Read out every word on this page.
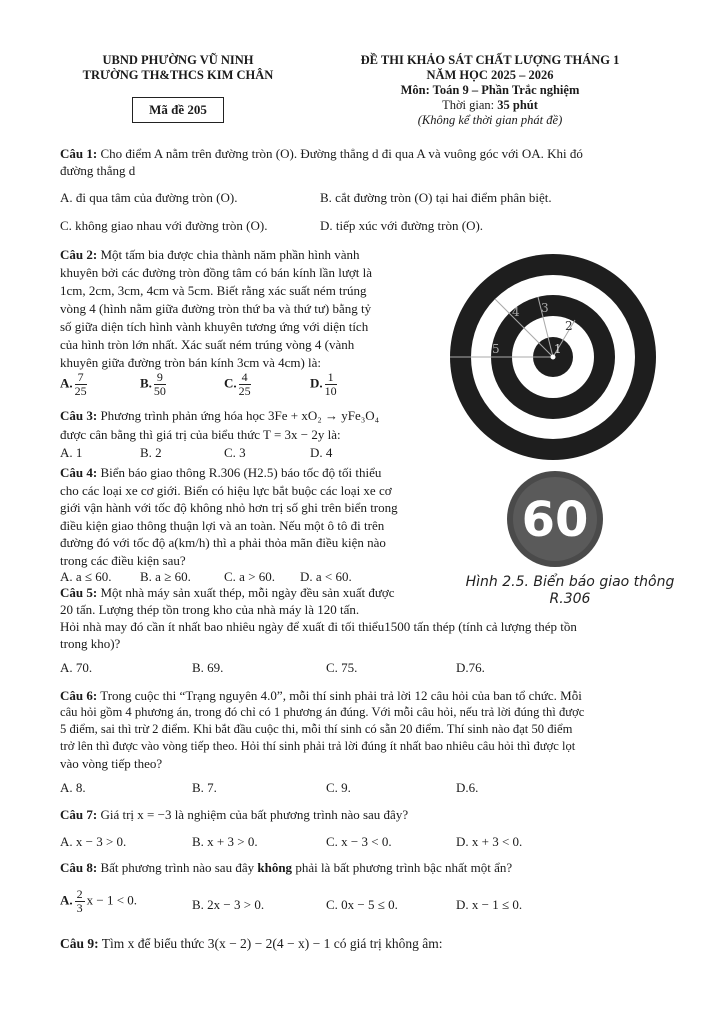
UBND PHƯỜNG VŨ NINH
TRƯỜNG TH&THCS KIM CHÂN
Mã đề 205
ĐỀ THI KHẢO SÁT CHẤT LƯỢNG THÁNG 1
NĂM HỌC 2025 – 2026
Môn: Toán 9 – Phần Trắc nghiệm
Thời gian: 35 phút
(Không kể thời gian phát đề)
Câu 1: Cho điểm A nằm trên đường tròn (O). Đường thẳng d đi qua A và vuông góc với OA. Khi đó
đường thẳng d
A. đi qua tâm của đường tròn (O).	B. cắt đường tròn (O) tại hai điểm phân biệt.
C. không giao nhau với đường tròn (O).	D. tiếp xúc với đường tròn (O).
Câu 2: Một tấm bia được chia thành năm phần hình vành
khuyên bởi các đường tròn đồng tâm có bán kính lần lượt là
1cm, 2cm, 3cm, 4cm và 5cm. Biết rằng xác suất ném trúng
vòng 4 (hình nằm giữa đường tròn thứ ba và thứ tư) bằng tỷ
số giữa diện tích hình vành khuyên tương ứng với diện tích
của hình tròn lớn nhất. Xác suất ném trúng vòng 4 (vành
khuyên giữa đường tròn bán kính 3cm và 4cm) là:
A. $\frac{7}{25}$	B. $\frac{9}{50}$	C. $\frac{4}{25}$	D. $\frac{1}{10}$
4 3
2
1
5
Câu 3: Phương trình phản ứng hóa học 3Fe + xO₂ → yFe₃O₄
được cân bằng thì giá trị của biểu thức T = 3x − 2y là:
A. 1	B. 2	C. 3	D. 4
Câu 4: Biển báo giao thông R.306 (H2.5) báo tốc độ tối thiểu
cho các loại xe cơ giới. Biển có hiệu lực bắt buộc các loại xe cơ
giới vận hành với tốc độ không nhỏ hơn trị số ghi trên biển trong
điều kiện giao thông thuận lợi và an toàn. Nếu một ô tô đi trên
đường đó với tốc độ a(km/h) thì a phải thỏa mãn điều kiện nào
trong các điều kiện sau?
A. a ≤ 60. B. a ≥ 60.	C. a > 60. D. a < 60.
60
Hình 2.5. Biển báo giao thông
R.306
Câu 5: Một nhà máy sản xuất thép, mỗi ngày đều sản xuất được
20 tấn. Lượng thép tồn trong kho của nhà máy là 120 tấn.
Hỏi nhà may đó cần ít nhất bao nhiêu ngày để xuất đi tối thiểu1500 tấn thép (tính cả lượng thép tồn
trong kho)?
A. 70.	B. 69.	C. 75.	D.76.
Câu 6: Trong cuộc thi “Trạng nguyên 4.0”, mỗi thí sinh phải trả lời 12 câu hỏi của ban tổ chức. Mỗi
câu hỏi gồm 4 phương án, trong đó chỉ có 1 phương án đúng. Với mỗi câu hỏi, nếu trả lời đúng thì được
5 điểm, sai thì trừ 2 điểm. Khi bắt đầu cuộc thi, mỗi thí sinh có sẵn 20 điểm. Thí sinh nào đạt 50 điểm
trở lên thì được vào vòng tiếp theo. Hỏi thí sinh phải trả lời đúng ít nhất bao nhiêu câu hỏi thì được lọt
vào vòng tiếp theo?
A. 8.	B. 7.	C. 9.	D.6.
Câu 7: Giá trị x = −3 là nghiệm của bất phương trình nào sau đây?
A. x − 3 > 0.	B. x + 3 > 0.	C. x − 3 < 0.	D. x + 3 < 0.
Câu 8: Bất phương trình nào sau đây không phải là bất phương trình bậc nhất một ẩn?
A. $\frac{2}{3}$ x − 1 < 0.	B. 2x − 3 > 0.	C. 0x − 5 ≤ 0.	D. x − 1 ≤ 0.
Câu 9: Tìm x để biểu thức 3(x − 2) − 2(4 − x) − 1 có giá trị không âm:
